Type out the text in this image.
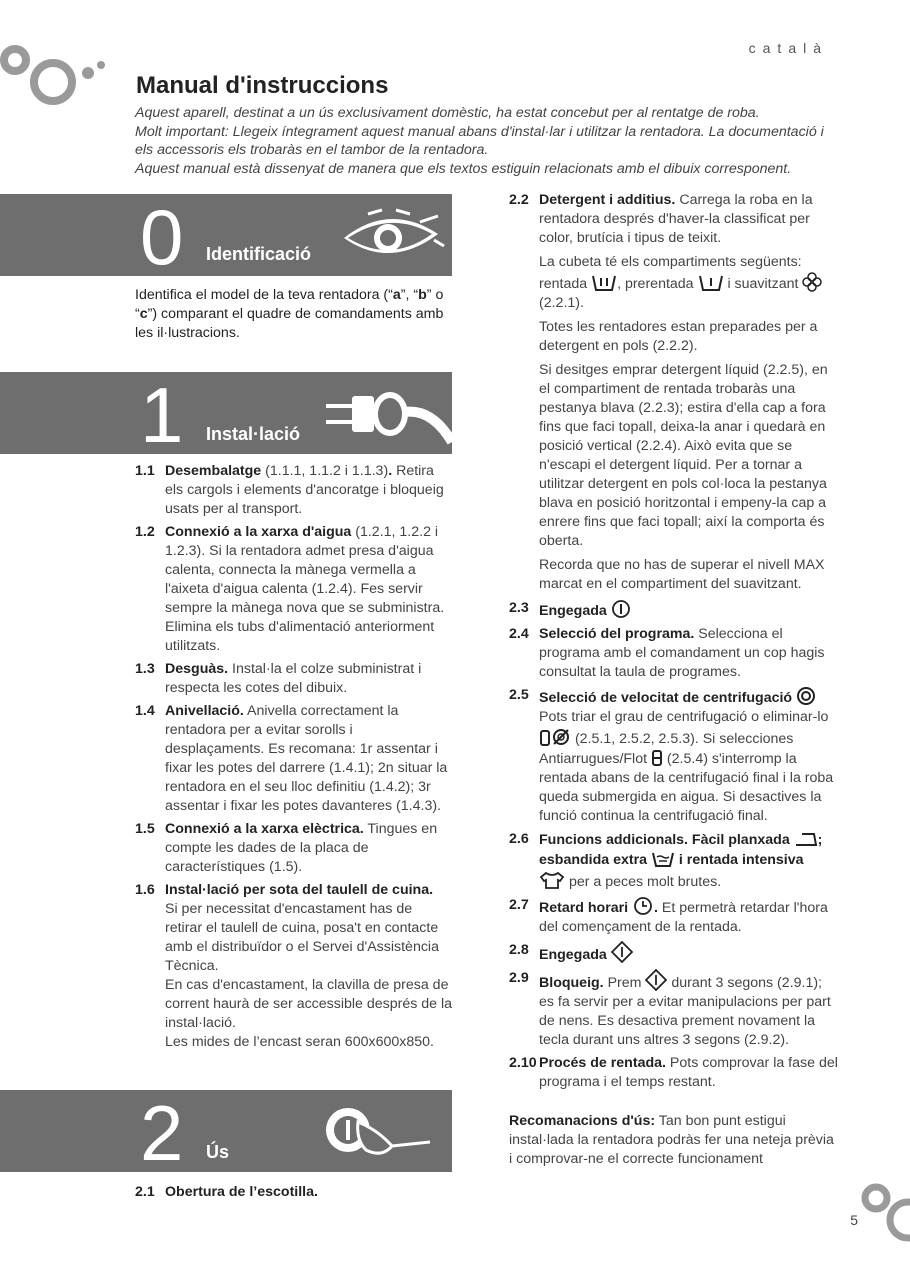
català
Manual d'instruccions

Aquest aparell, destinat a un ús exclusivament domèstic, ha estat concebut per al rentatge de roba.

Molt important: Llegeix íntegrament aquest manual abans d'instal·lar i utilitzar la rentadora. La documentació i els accessoris els trobaràs en el tambor de la rentadora.

Aquest manual està dissenyat de manera que els textos estiguin relacionats amb el dibuix corresponent.

0 Identificació

Identifica el model de la teva rentadora (“a”, “b” o “c”) comparant el quadre de comandaments amb les il·lustracions.

1 Instal·lació
1.1 Desembalatge (1.1.1, 1.1.2 i 1.1.3). Retira els cargols i elements d'ancoratge i bloqueig usats per al transport.
1.2 Connexió a la xarxa d'aigua (1.2.1, 1.2.2 i 1.2.3). Si la rentadora admet presa d'aigua calenta, connecta la mànega vermella a l'aixeta d'aigua calenta (1.2.4). Fes servir sempre la mànega nova que se subministra. Elimina els tubs d'alimentació anteriorment utilitzats.
1.3 Desguàs. Instal·la el colze subministrat i respecta les cotes del dibuix.
1.4 Anivellació. Anivella correctament la rentadora per a evitar sorolls i desplaçaments. Es recomana: 1r assentar i fixar les potes del darrere (1.4.1); 2n situar la rentadora en el seu lloc definitiu (1.4.2); 3r assentar i fixar les potes davanteres (1.4.3).
1.5 Connexió a la xarxa elèctrica. Tingues en compte les dades de la placa de característiques (1.5).
1.6 Instal·lació per sota del taulell de cuina.
Si per necessitat d'encastament has de retirar el taulell de cuina, posa't en contacte amb el distribuïdor o el Servei d'Assistència Tècnica.
En cas d'encastament, la clavilla de presa de corrent haurà de ser accessible després de la instal·lació.
Les mides de l’encast seran 600x600x850.
2 Ús
2.1 Obertura de l’escotilla.
2.2 Detergent i additius. Carrega la roba en la rentadora després d'haver-la classificat per color, brutícia i tipus de teixit.

La cubeta té els compartiments següents: rentada , prerentada  i suavitzant  (2.2.1).

Totes les rentadores estan preparades per a detergent en pols (2.2.2).

Si desitges emprar detergent líquid (2.2.5), en el compartiment de rentada trobaràs una pestanya blava (2.2.3); estira d'ella cap a fora fins que faci topall, deixa-la anar i quedarà en posició vertical (2.2.4). Això evita que se n'escapi el detergent líquid. Per a tornar a utilitzar detergent en pols col·loca la pestanya blava en posició horitzontal i empeny-la cap a enrere fins que faci topall; així la comporta és oberta.

Recorda que no has de superar el nivell MAX marcat en el compartiment del suavitzant.

2.3 Engegada
2.4 Selecció del programa. Selecciona el programa amb el comandament un cop hagis consultat la taula de programes.
2.5 Selecció de velocitat de centrifugació
Pots triar el grau de centrifugació o eliminar-lo  (2.5.1, 2.5.2, 2.5.3). Si selecciones Antiarrugues/Flot  (2.5.4) s'interromp la rentada abans de la centrifugació final i la roba queda submergida en aigua. Si desactives la funció continua la centrifugació final.
2.6 Funcions addicionals. Fàcil planxada ; esbandida extra  i rentada intensiva
per a peces molt brutes.
2.7 Retard horari . Et permetrà retardar l'hora del començament de la rentada.
2.8 Engegada
2.9 Bloqueig. Prem  durant 3 segons (2.9.1); es fa servir per a evitar manipulacions per part de nens. Es desactiva prement novament la tecla durant uns altres 3 segons (2.9.2).
2.10 Procés de rentada. Pots comprovar la fase del programa i el temps restant.

Recomanacions d'ús: Tan bon punt estigui instal·lada la rentadora podràs fer una neteja prèvia i comprovar-ne el correcte funcionament

5
